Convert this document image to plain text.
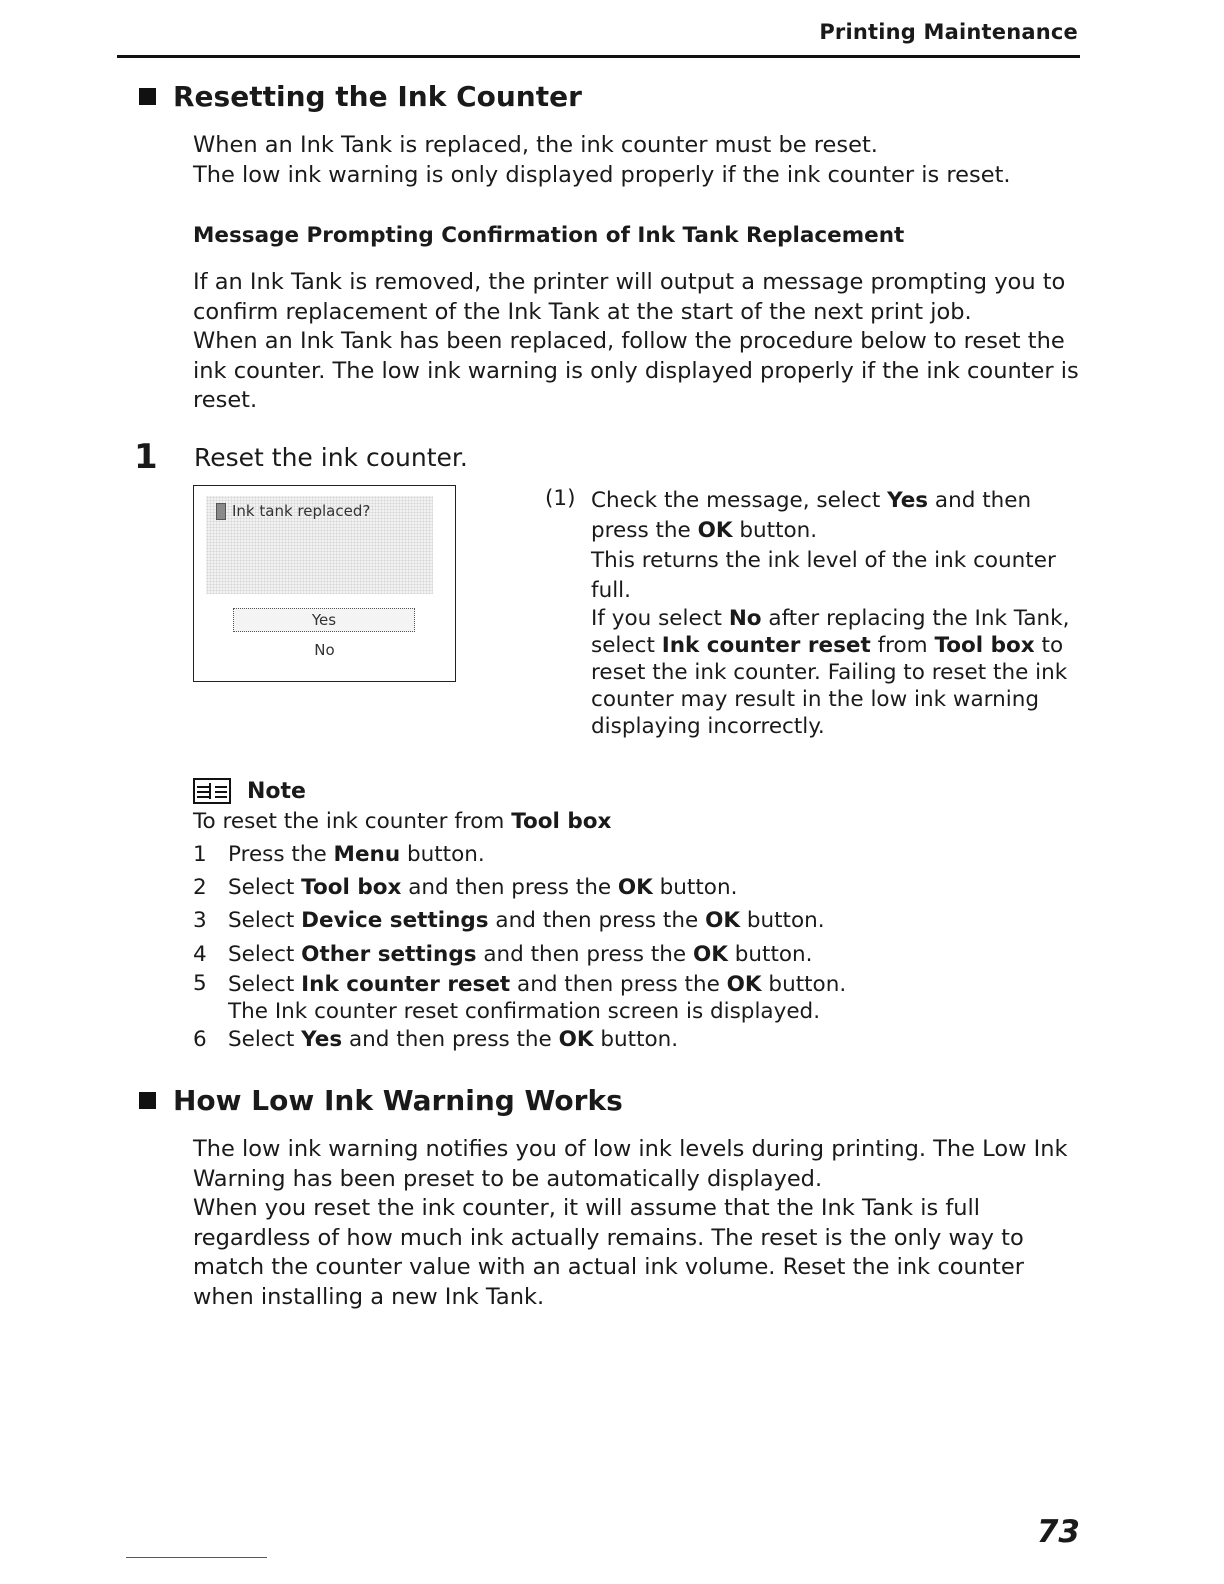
Printing Maintenance
Resetting the Ink Counter

When an Ink Tank is replaced, the ink counter must be reset.

The low ink warning is only displayed properly if the ink counter is reset.

Message Prompting Confirmation of Ink Tank Replacement

If an Ink Tank is removed, the printer will output a message prompting you to confirm replacement of the Ink Tank at the start of the next print job.

When an Ink Tank has been replaced, follow the procedure below to reset the ink counter. The low ink warning is only displayed properly if the ink counter is reset.

1 Reset the ink counter.
Ink tank replaced?
Yes
No
(1) Check the message, select Yes and then press the OK button.

This returns the ink level of the ink counter full.

If you select No after replacing the Ink Tank, select Ink counter reset from Tool box to reset the ink counter. Failing to reset the ink counter may result in the low ink warning displaying incorrectly.

Note
To reset the ink counter from Tool box
1 Press the Menu button.

2 Select Tool box and then press the OK button.

3 Select Device settings and then press the OK button.

4 Select Other settings and then press the OK button.

5 Select Ink counter reset and then press the OK button.

The Ink counter reset confirmation screen is displayed.

6 Select Yes and then press the OK button.

How Low Ink Warning Works

The low ink warning notifies you of low ink levels during printing. The Low Ink Warning has been preset to be automatically displayed.

When you reset the ink counter, it will assume that the Ink Tank is full regardless of how much ink actually remains. The reset is the only way to match the counter value with an actual ink volume. Reset the ink counter when installing a new Ink Tank.

73
